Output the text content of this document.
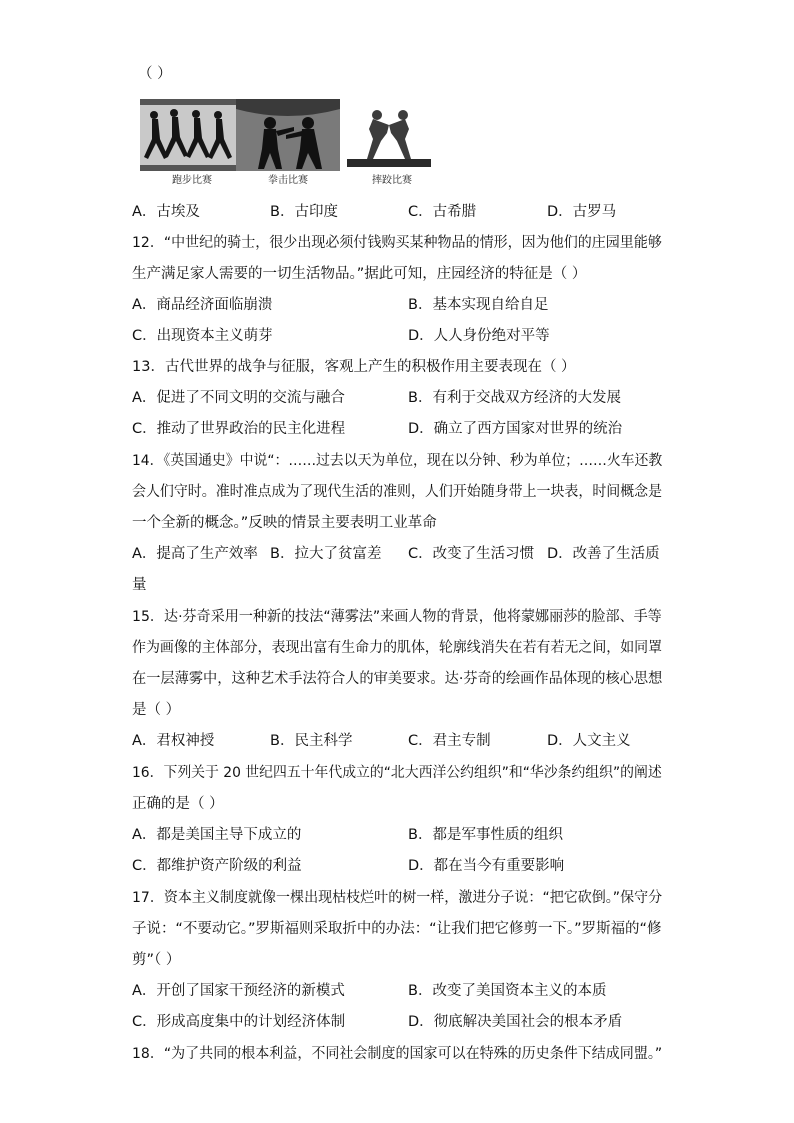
（ ）
跑步比赛	拳击比赛	摔跤比赛
A．古埃及	B．古印度	C．古希腊	D．古罗马
12．“中世纪的骑士，很少出现必须付钱购买某种物品的情形，因为他们的庄园里能够
生产满足家人需要的一切生活物品。”据此可知，庄园经济的特征是（ ）
A．商品经济面临崩溃	B．基本实现自给自足
C．出现资本主义萌芽	D．人人身份绝对平等
13．古代世界的战争与征服，客观上产生的积极作用主要表现在（ ）
A．促进了不同文明的交流与融合	B．有利于交战双方经济的大发展
C．推动了世界政治的民主化进程	D．确立了西方国家对世界的统治
14．《英国通史》中说“：……过去以天为单位，现在以分钟、秒为单位；……火车还教
会人们守时。准时准点成为了现代生活的准则，人们开始随身带上一块表，时间概念是
一个全新的概念。”反映的情景主要表明工业革命
A．提高了生产效率 B．拉大了贫富差 C．改变了生活习惯 D．改善了生活质
量
15．达·芬奇采用一种新的技法“薄雾法”来画人物的背景，他将蒙娜丽莎的脸部、手等
作为画像的主体部分，表现出富有生命力的肌体，轮廓线消失在若有若无之间，如同罩
在一层薄雾中，这种艺术手法符合人的审美要求。达·芬奇的绘画作品体现的核心思想
是（ ）
A．君权神授	B．民主科学	C．君主专制	D．人文主义
16．下列关于 20 世纪四五十年代成立的“北大西洋公约组织”和“华沙条约组织”的阐述
正确的是（ ）
A．都是美国主导下成立的	B．都是军事性质的组织
C．都维护资产阶级的利益	D．都在当今有重要影响
17．资本主义制度就像一棵出现枯枝烂叶的树一样，激进分子说：“把它砍倒。”保守分
子说：“不要动它。”罗斯福则采取折中的办法：“让我们把它修剪一下。”罗斯福的“修
剪”（ ）
A．开创了国家干预经济的新模式	B．改变了美国资本主义的本质
C．形成高度集中的计划经济体制	D．彻底解决美国社会的根本矛盾
18．“为了共同的根本利益，不同社会制度的国家可以在特殊的历史条件下结成同盟。”
